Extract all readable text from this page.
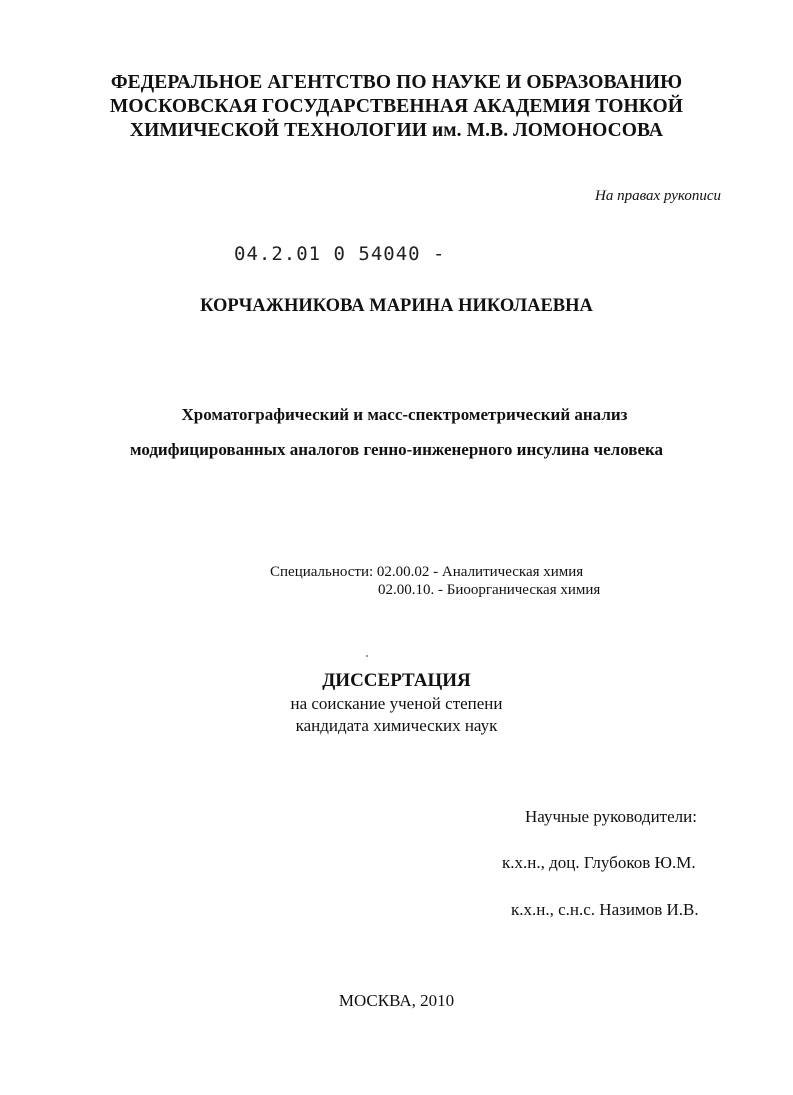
ФЕДЕРАЛЬНОЕ АГЕНТСТВО ПО НАУКЕ И ОБРАЗОВАНИЮ
МОСКОВСКАЯ ГОСУДАРСТВЕННАЯ АКАДЕМИЯ ТОНКОЙ
ХИМИЧЕСКОЙ ТЕХНОЛОГИИ им. М.В. ЛОМОНОСОВА
На правах рукописи
04.2.01 0 54040 -
КОРЧАЖНИКОВА МАРИНА НИКОЛАЕВНА
Хроматографический и масс-спектрометрический анализ
модифицированных аналогов генно-инженерного инсулина человека
Специальности: 02.00.02 - Аналитическая химия
02.00.10. - Биоорганическая химия
ДИССЕРТАЦИЯ
на соискание ученой степени
кандидата химических наук
Научные руководители:
к.х.н., доц. Глубоков Ю.М.
к.х.н., с.н.с. Назимов И.В.
МОСКВА, 2010
